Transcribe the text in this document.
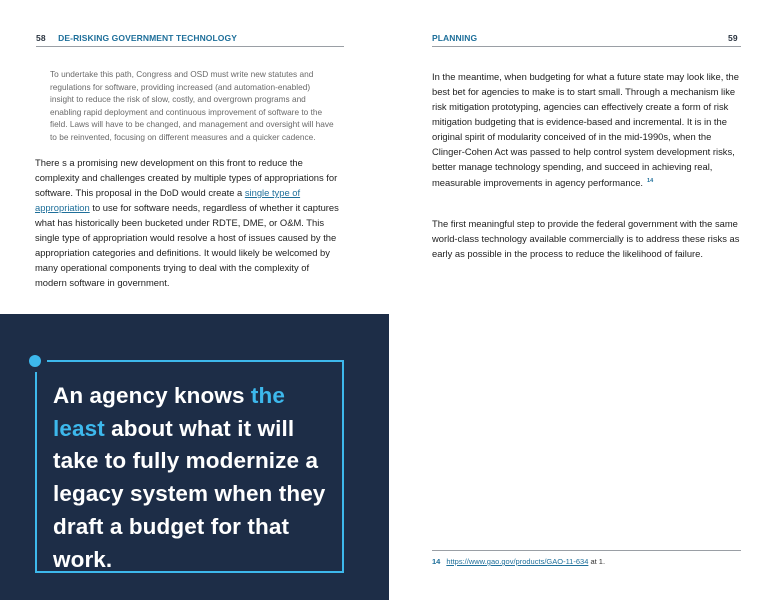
58 DE-RISKING GOVERNMENT TECHNOLOGY
To undertake this path, Congress and OSD must write new statutes and regulations for software, providing increased (and automation-enabled) insight to reduce the risk of slow, costly, and overgrown programs and enabling rapid deployment and continuous improvement of software to the field. Laws will have to be changed, and management and oversight will have to be reinvented, focusing on different measures and a quicker cadence.

There s a promising new development on this front to reduce the complexity and challenges created by multiple types of appropriations for software. This proposal in the DoD would create a single type of appropriation to use for software needs, regardless of whether it captures what has historically been bucketed under RDTE, DME, or O&M. This single type of appropriation would resolve a host of issues caused by the appropriation categories and definitions. It would likely be welcomed by many operational components trying to deal with the complexity of modern software in government.

An agency knows the least about what it will take to fully modernize a legacy system when they draft a budget for that work.
PLANNING	59

In the meantime, when budgeting for what a future state may look like, the best bet for agencies to make is to start small. Through a mechanism like risk mitigation prototyping, agencies can effectively create a form of risk mitigation budgeting that is evidence-based and incremental. It is in the original spirit of modularity conceived of in the mid-1990s, when the Clinger-Cohen Act was passed to help control system development risks, better manage technology spending, and succeed in achieving real, measurable improvements in agency performance. $^{14}$

The first meaningful step to provide the federal government with the same world-class technology available commercially is to address these risks as early as possible in the process to reduce the likelihood of failure.

14 https://www.gao.gov/products/GAO-11-634 at 1.
